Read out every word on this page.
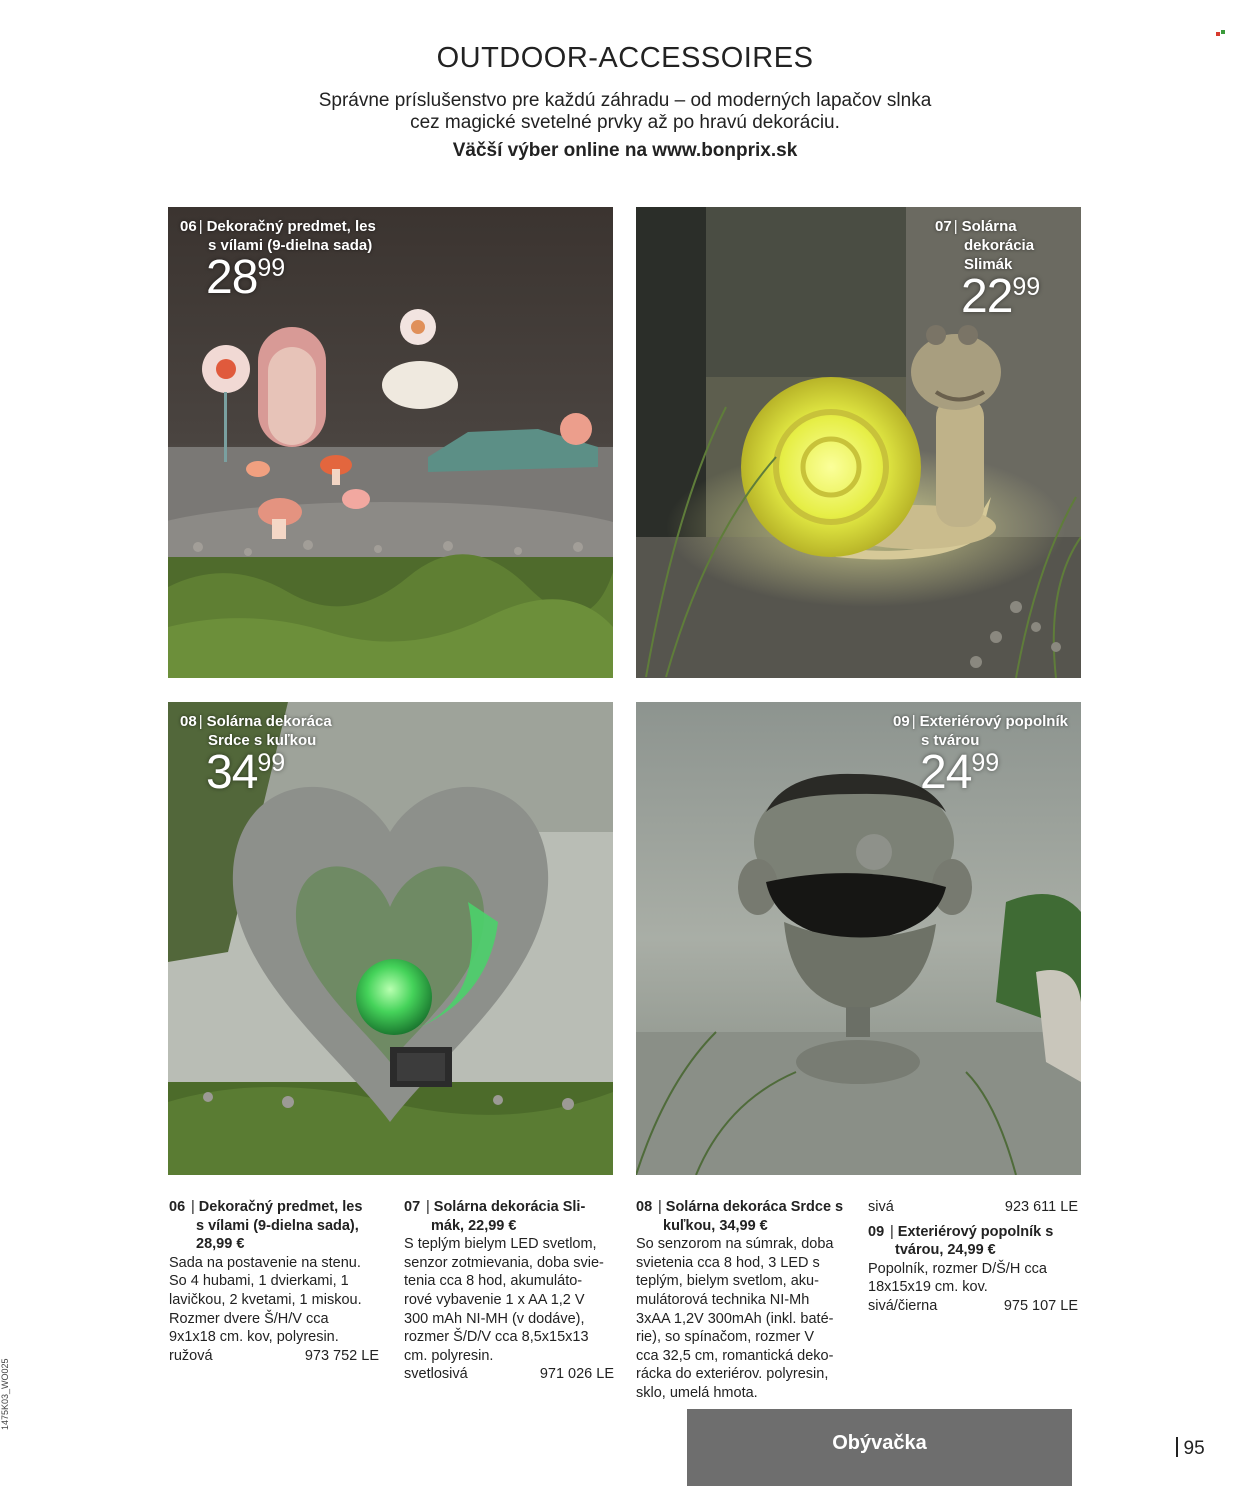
OUTDOOR-ACCESSOIRES
Správne príslušenstvo pre každú záhradu – od moderných lapačov slnka
cez magické svetelné prvky až po hravú dekoráciu.
Väčší výber online na www.bonprix.sk
06 | Dekoračný predmet, les
s vílami (9-dielna sada)
2899
07 | Solárna
dekorácia
Slimák
2299
08 | Solárna dekoráca
Srdce s kuľkou
3499
09 | Exteriérový popolník
s tvárou
2499
06 | Dekoračný predmet, les
s vílami (9-dielna sada),
28,99 €
Sada na postavenie na stenu.
So 4 hubami, 1 dvierkami, 1
lavičkou, 2 kvetami, 1 miskou.
Rozmer dvere Š/H/V cca
9x1x18 cm. kov, polyresin.
ružová	973 752 LE
07 | Solárna dekorácia Sli-
mák, 22,99 €
S teplým bielym LED svetlom,
senzor zotmievania, doba svie-
tenia cca 8 hod, akumuláto-
rové vybavenie 1 x AA 1,2 V
300 mAh NI-MH (v dodáve),
rozmer Š/D/V cca 8,5x15x13
cm. polyresin.
svetlosivá	971 026 LE
08 | Solárna dekoráca Srdce s
kuľkou, 34,99 €
So senzorom na súmrak, doba
svietenia cca 8 hod, 3 LED s
teplým, bielym svetlom, aku-
mulátorová technika NI-Mh
3xAA 1,2V 300mAh (inkl. baté-
rie), so spínačom, rozmer V
cca 32,5 cm, romantická deko-
rácka do exteriérov. polyresin,
sklo, umelá hmota.
sivá	923 611 LE
09 | Exteriérový popolník s
tvárou, 24,99 €
Popolník, rozmer D/Š/H cca
18x15x19 cm. kov.
sivá/čierna	975 107 LE
Obývačka	95
1475K03_WO025
